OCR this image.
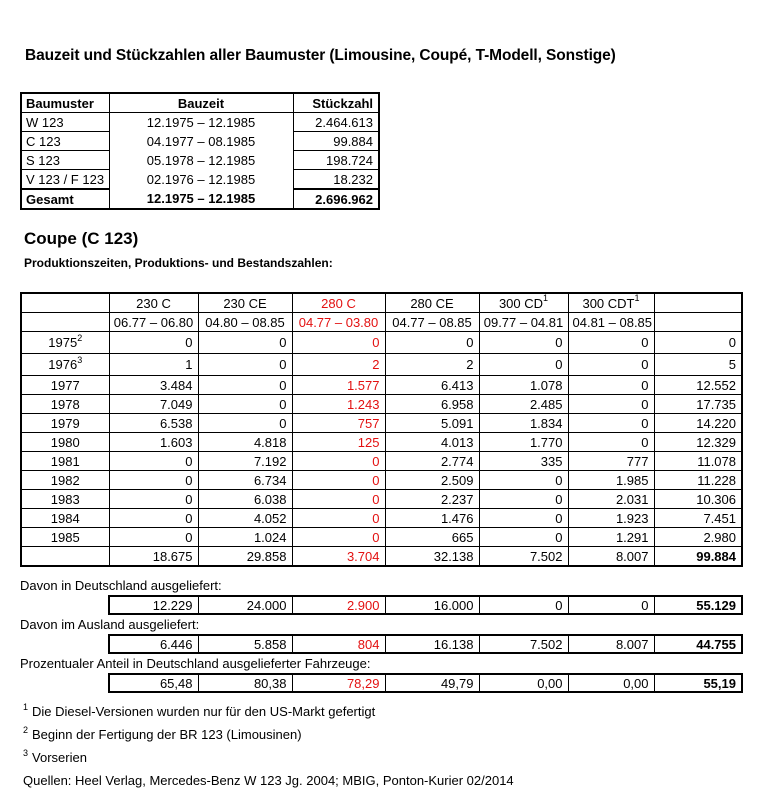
Bauzeit und Stückzahlen aller Baumuster (Limousine, Coupé, T-Modell, Sonstige)
Baumuster	Bauzeit	Stückzahl
W 123	12.1975 – 12.1985	2.464.613
C 123	04.1977 – 08.1985	99.884
S 123	05.1978 – 12.1985	198.724
V 123 / F 123	02.1976 – 12.1985	18.232
Gesamt	12.1975 – 12.1985	2.696.962
Coupe (C 123)
Produktionszeiten, Produktions- und Bestandszahlen:
	230 C	230 CE	280 C	280 CE	300 $CD^1$	300 CDT$^1$	
	06.77 – 06.80	04.80 – 08.85	04.77 – 03.80	04.77 – 08.85	09.77 – 04.81	04.81 – 08.85	
1975$^2$	0	0	0	0	0	0	0
1976$^3$	1	0	2	2	0	0	5
1977	3.484	0	1.577	6.413	1.078	0	12.552
1978	7.049	0	1.243	6.958	2.485	0	17.735
1979	6.538	0	757	5.091	1.834	0	14.220
1980	1.603	4.818	125	4.013	1.770	0	12.329
1981	0	7.192	0	2.774	335	777	11.078
1982	0	6.734	0	2.509	0	1.985	11.228
1983	0	6.038	0	2.237	0	2.031	10.306
1984	0	4.052	0	1.476	0	1.923	7.451
1985	0	1.024	0	665	0	1.291	2.980
	18.675	29.858	3.704	32.138	7.502	8.007	99.884
Davon in Deutschland ausgeliefert:
12.229	24.000	2.900	16.000	0	0	55.129
Davon im Ausland ausgeliefert:
6.446	5.858	804	16.138	7.502	8.007	44.755
Prozentualer Anteil in Deutschland ausgelieferter Fahrzeuge:
65,48	80,38	78,29	49,79	0,00	0,00	55,19
$^1$ Die Diesel-Versionen wurden nur für den US-Markt gefertigt
$^2$ Beginn der Fertigung der BR 123 (Limousinen)
$^3$ Vorserien
Quellen: Heel Verlag, Mercedes-Benz W 123 Jg. 2004; MBIG, Ponton-Kurier 02/2014
